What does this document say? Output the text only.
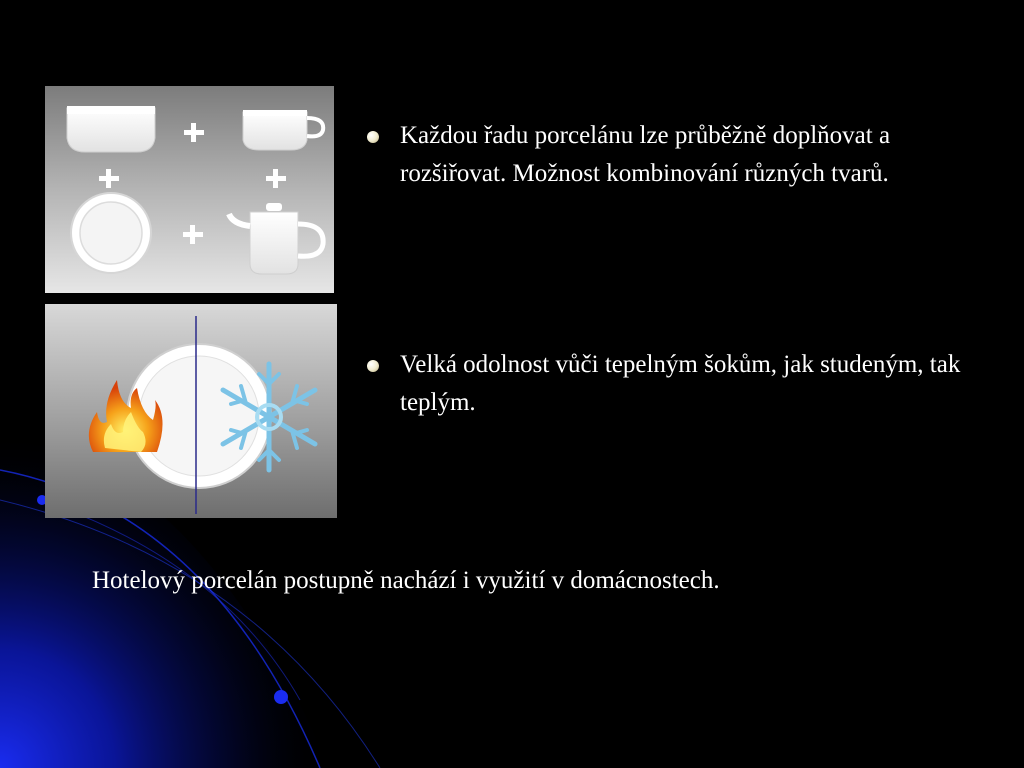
Každou řadu porcelánu lze průběžně doplňovat a rozšiřovat. Možnost kombinování různých tvarů.
Velká odolnost vůči tepelným šokům, jak studeným, tak teplým.
Hotelový porcelán postupně nachází i využití v domácnostech.
